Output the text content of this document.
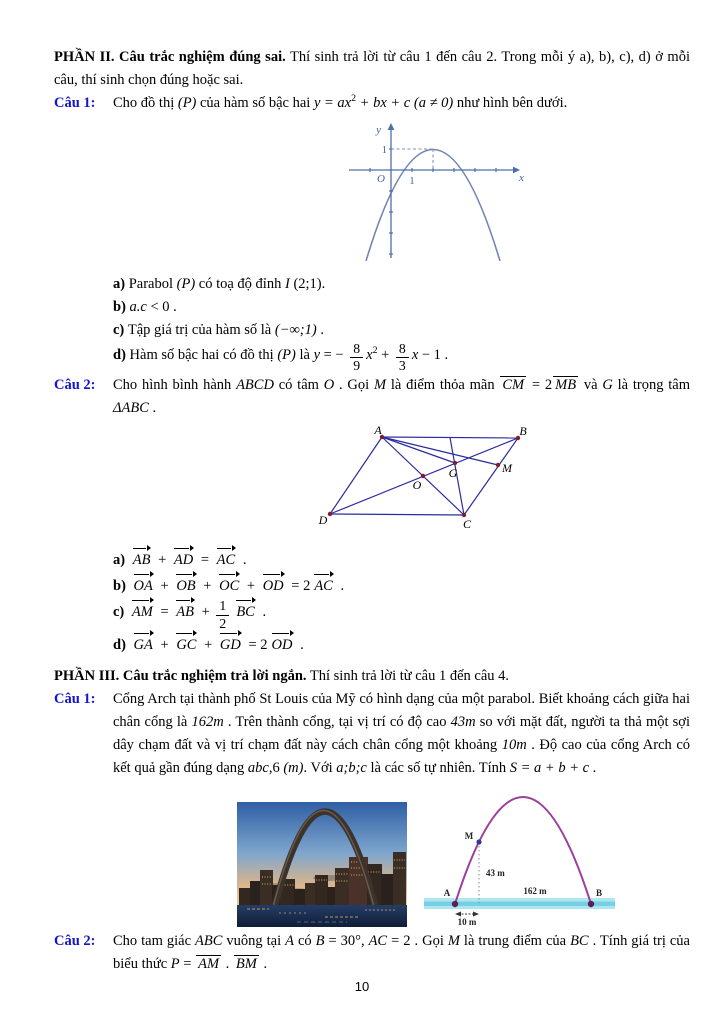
PHẦN II. Câu trắc nghiệm đúng sai. Thí sinh trả lời từ câu 1 đến câu 2. Trong mỗi ý a), b), c), d) ở mỗi câu, thí sinh chọn đúng hoặc sai.

Câu 1:	Cho đồ thị (P) của hàm số bậc hai $y = ax^2$ + bx + c (a ≠ 0) như hình bên dưới.
y
x
1
O 1
a) Parabol (P) có toạ độ đỉnh I (2;1).
b) a.c < 0 .
c) Tập giá trị của hàm số là (−∞;1) .
d) Hàm số bậc hai có đồ thị (P) là y = − $\frac{8}{9} x^2 + \frac{8}{3}$ x − 1 .
Câu 2:	Cho hình bình hành ABCD có tâm O . Gọi M là điểm thỏa mãn CM = 2 MB và G là trọng tâm ΔABC .
A	B
D	C
O
G	M
a) AB + AD = AC .
b) OA + OB + OC + OD = 2 AC .
c) AM = AB + $\frac{1}{2}$ BC .
d) GA + GC + GD = 2 OD .

PHẦN III. Câu trắc nghiệm trả lời ngắn. Thí sinh trả lời từ câu 1 đến câu 4.

Câu 1:	Cổng Arch tại thành phố St Louis của Mỹ có hình dạng của một parabol. Biết khoảng cách giữa hai chân cổng là 162m . Trên thành cổng, tại vị trí có độ cao 43m so với mặt đất, người ta thả một sợi dây chạm đất và vị trí chạm đất này cách chân cổng một khoảng 10m . Độ cao của cổng Arch có kết quả gần đúng dạng abc,6 (m). Với a;b;c là các số tự nhiên. Tính S = a + b + c .
M
A	B
43 m
162 m
10 m
Câu 2:	Cho tam giác ABC vuông tại A có B = 30°, AC = 2 . Gọi M là trung điểm của BC . Tính giá trị của biểu thức P = AM . BM .
10
